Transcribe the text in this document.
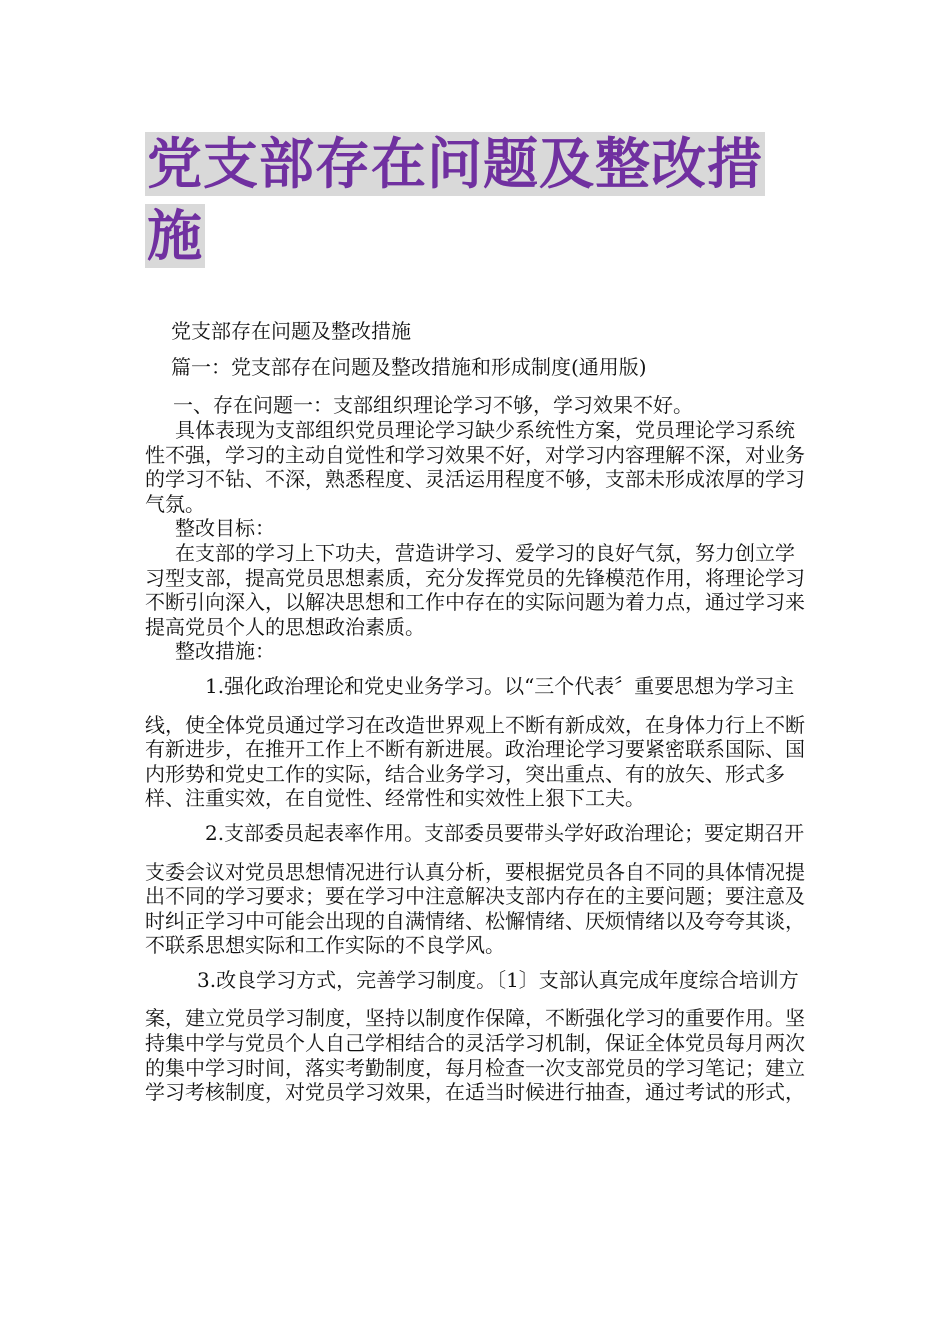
党支部存在问题及整改措施

党支部存在问题及整改措施

篇一：党支部存在问题及整改措施和形成制度(通用版)

一、存在问题一：支部组织理论学习不够，学习效果不好。

具体表现为支部组织党员理论学习缺少系统性方案，党员理论学习系统性不强，学习的主动自觉性和学习效果不好，对学习内容理解不深，对业务的学习不钻、不深，熟悉程度、灵活运用程度不够，支部未形成浓厚的学习气氛。

整改目标：

在支部的学习上下功夫，营造讲学习、爱学习的良好气氛，努力创立学习型支部，提高党员思想素质，充分发挥党员的先锋模范作用，将理论学习不断引向深入，以解决思想和工作中存在的实际问题为着力点，通过学习来提高党员个人的思想政治素质。

整改措施：

1.强化政治理论和党史业务学习。以“三个代表〞重要思想为学习主线，使全体党员通过学习在改造世界观上不断有新成效，在身体力行上不断有新进步，在推开工作上不断有新进展。政治理论学习要紧密联系国际、国内形势和党史工作的实际，结合业务学习，突出重点、有的放矢、形式多样、注重实效，在自觉性、经常性和实效性上狠下工夫。

2.支部委员起表率作用。支部委员要带头学好政治理论；要定期召开支委会议对党员思想情况进行认真分析，要根据党员各自不同的具体情况提出不同的学习要求；要在学习中注意解决支部内存在的主要问题；要注意及时纠正学习中可能会出现的自满情绪、松懈情绪、厌烦情绪以及夸夸其谈，不联系思想实际和工作实际的不良学风。

3.改良学习方式，完善学习制度。〔1〕支部认真完成年度综合培训方案，建立党员学习制度，坚持以制度作保障，不断强化学习的重要作用。坚持集中学与党员个人自己学相结合的灵活学习机制，保证全体党员每月两次的集中学习时间，落实考勤制度，每月检查一次支部党员的学习笔记；建立学习考核制度，对党员学习效果，在适当时候进行抽查，通过考试的形式，
